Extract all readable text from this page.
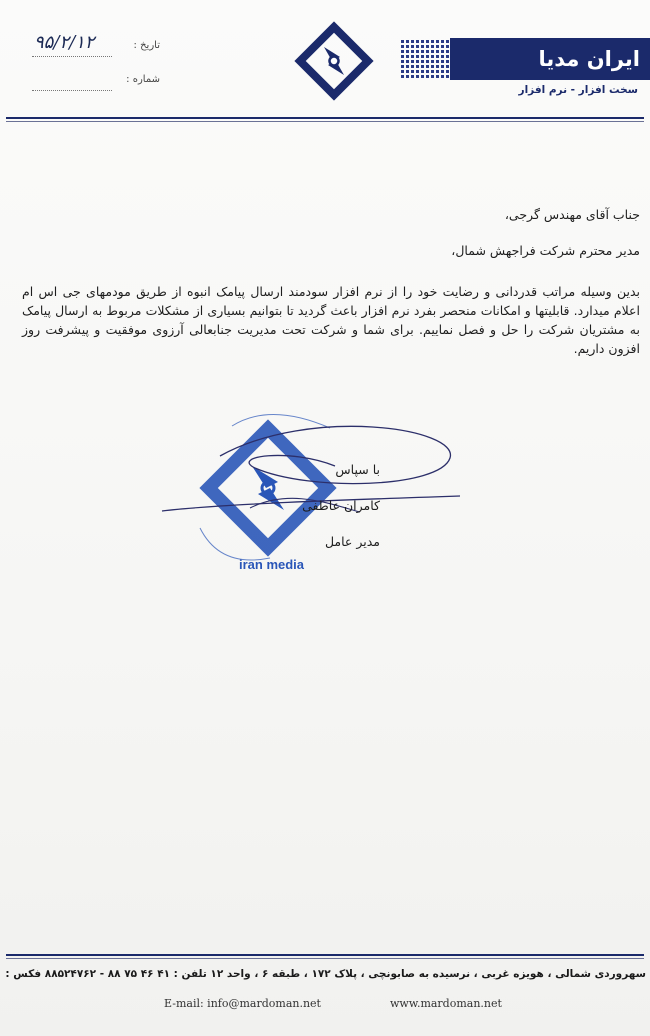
تاریخ :
۹۵/۲/۱۲
شماره :
ایران مدیا
سخت افزار - نرم افزار
جناب آقای مهندس گرجی،
مدیر محترم شرکت فراجهش شمال،
بدین وسیله مراتب قدردانی و رضایت خود را از نرم افزار سودمند ارسال پیامک انبوه از طریق مودمهای جی اس ام اعلام میدارد. قابلیتها و امکانات منحصر بفرد نرم افزار باعث گردید تا بتوانیم بسیاری از مشکلات مربوط به ارسال پیامک به مشتریان شرکت را حل و فصل نماییم. برای شما و شرکت تحت مدیریت جنابعالی آرزوی موفقیت و پیشرفت روز افزون داریم.
با سپاس
کامران عاطفی
مدیر عامل
iran media
سهروردی شمالی ، هویزه غربی ، نرسیده به صابونچی ، پلاک ۱۷۲ ، طبقه ۶ ، واحد ۱۲ تلفن : ۴۱ ۴۶ ۷۵ ۸۸ - ۸۸۵۲۴۷۶۲ فکس :
E-mail: info@mardoman.net	www.mardoman.net
